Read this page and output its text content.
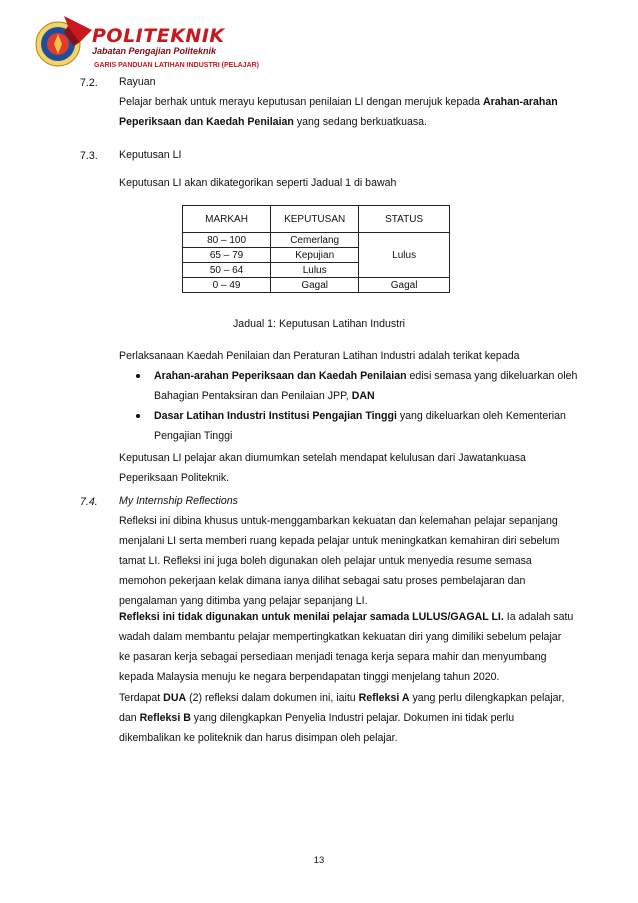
POLITEKNIK
Jabatan Pengajian Politeknik
GARIS PANDUAN LATIHAN INDUSTRI (PELAJAR)
7.2. Rayuan
Pelajar berhak untuk merayu keputusan penilaian LI dengan merujuk kepada Arahan-arahan
Peperiksaan dan Kaedah Penilaian yang sedang berkuatkuasa.
7.3. Keputusan LI
Keputusan LI akan dikategorikan seperti Jadual 1 di bawah
MARKAH	KEPUTUSAN	STATUS
80 – 100	Cemerlang	Lulus
65 – 79	Kepujian	
50 – 64	Lulus	
0 – 49	Gagal	Gagal
Jadual 1: Keputusan Latihan Industri
Perlaksanaan Kaedah Penilaian dan Peraturan Latihan Industri adalah terikat kepada
Arahan-arahan Peperiksaan dan Kaedah Penilaian edisi semasa yang dikeluarkan oleh
Bahagian Pentaksiran dan Penilaian JPP, DAN
Dasar Latihan Industri Institusi Pengajian Tinggi yang dikeluarkan oleh Kementerian
Pengajian Tinggi
Keputusan LI pelajar akan diumumkan setelah mendapat kelulusan dari Jawatankuasa
Peperiksaan Politeknik.
7.4. My Internship Reflections
Refleksi ini dibina khusus untuk-menggambarkan kekuatan dan kelemahan pelajar sepanjang
menjalani LI serta memberi ruang kepada pelajar untuk meningkatkan kemahiran diri sebelum
tamat LI. Refleksi ini juga boleh digunakan oleh pelajar untuk menyedia resume semasa
memohon pekerjaan kelak dimana ianya dilihat sebagai satu proses pembelajaran dan
pengalaman yang ditimba yang pelajar sepanjang LI.
Refleksi ini tidak digunakan untuk menilai pelajar samada LULUS/GAGAL LI. Ia adalah satu
wadah dalam membantu pelajar mempertingkatkan kekuatan diri yang dimiliki sebelum pelajar
ke pasaran kerja sebagai persediaan menjadi tenaga kerja separa mahir dan menyumbang
kepada Malaysia menuju ke negara berpendapatan tinggi menjelang tahun 2020.
Terdapat DUA (2) refleksi dalam dokumen ini, iaitu Refleksi A yang perlu dilengkapkan pelajar,
dan Refleksi B yang dilengkapkan Penyelia Industri pelajar. Dokumen ini tidak perlu
dikembalikan ke politeknik dan harus disimpan oleh pelajar.
13
